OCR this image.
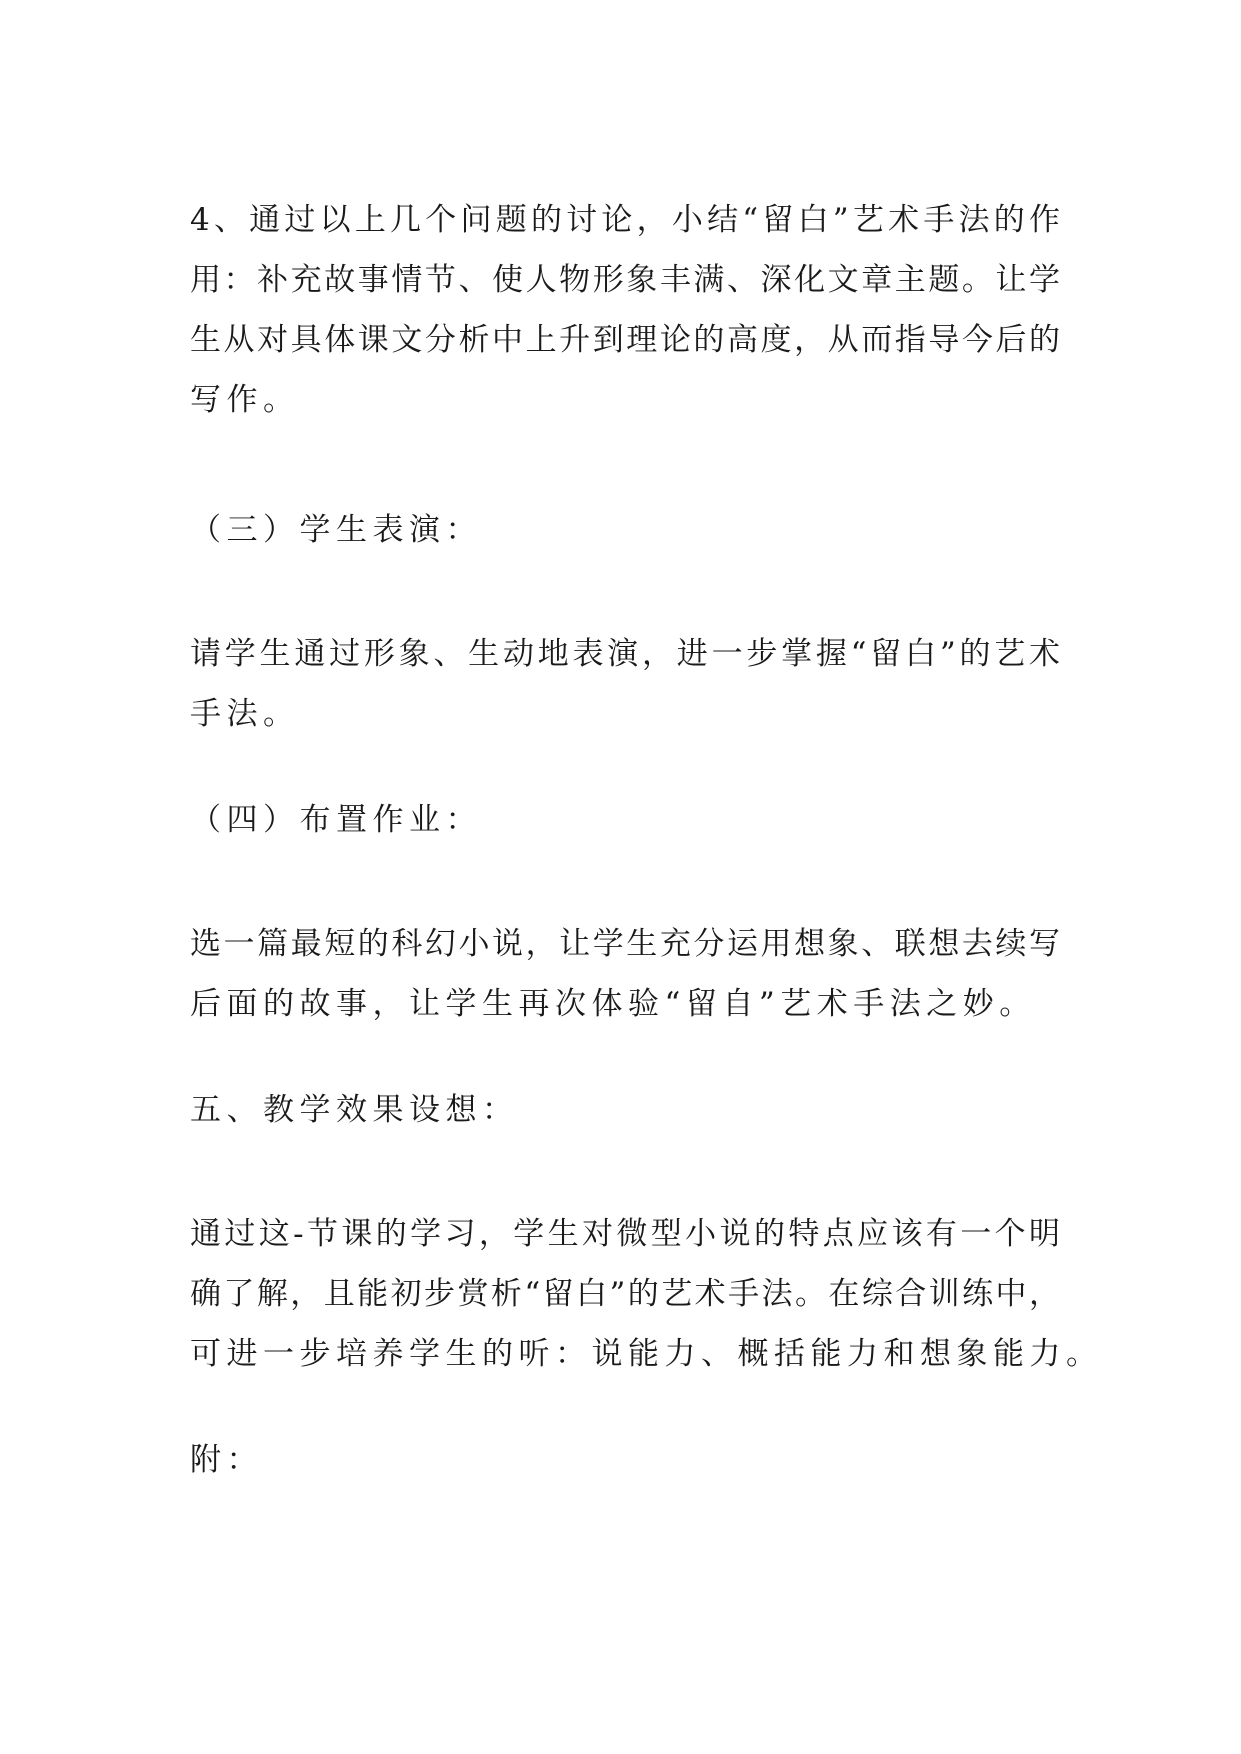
4、通过以上几个问题的讨论，小结“留白”艺术手法的作
用：补充故事情节、使人物形象丰满、深化文章主题。让学
生从对具体课文分析中上升到理论的高度，从而指导今后的
写作。
（三）学生表演：
请学生通过形象、生动地表演，进一步掌握“留白”的艺术
手法。
（四）布置作业：
选一篇最短的科幻小说，让学生充分运用想象、联想去续写
后面的故事，让学生再次体验“留自”艺术手法之妙。
五、教学效果设想：
通过这-节课的学习，学生对微型小说的特点应该有一个明
确了解，且能初步赏析“留白”的艺术手法。在综合训练中，
可进一步培养学生的听：说能力、概括能力和想象能力。
附：
